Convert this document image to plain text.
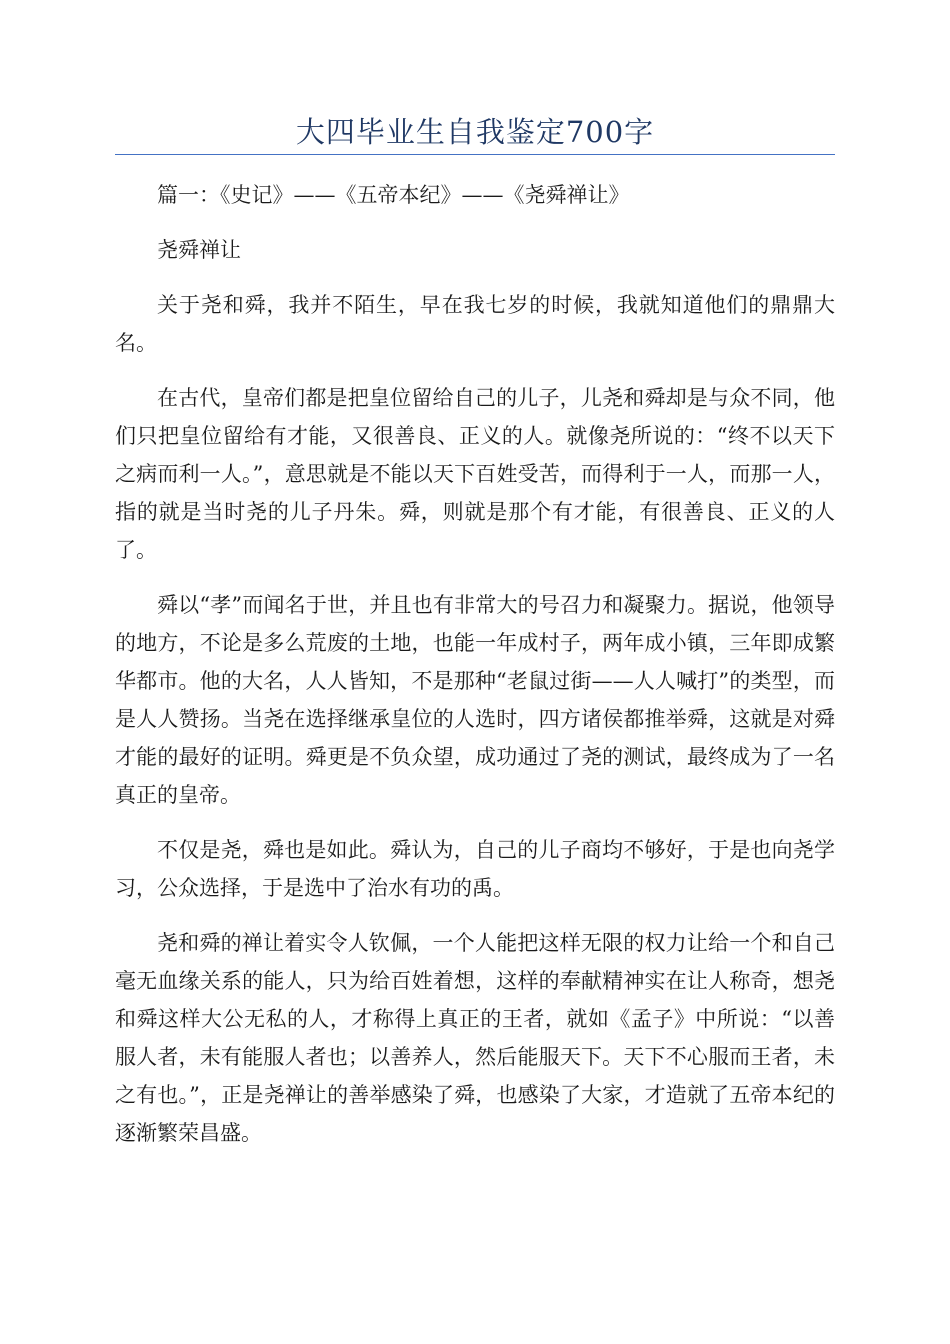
大四毕业生自我鉴定700字

篇一：《史记》——《五帝本纪》——《尧舜禅让》

尧舜禅让

关于尧和舜，我并不陌生，早在我七岁的时候，我就知道他们的鼎鼎大名。

在古代，皇帝们都是把皇位留给自己的儿子，儿尧和舜却是与众不同，他们只把皇位留给有才能，又很善良、正义的人。就像尧所说的：“终不以天下之病而利一人。”，意思就是不能以天下百姓受苦，而得利于一人，而那一人，指的就是当时尧的儿子丹朱。舜，则就是那个有才能，有很善良、正义的人了。

舜以“孝”而闻名于世，并且也有非常大的号召力和凝聚力。据说，他领导的地方，不论是多么荒废的土地，也能一年成村子，两年成小镇，三年即成繁华都市。他的大名，人人皆知，不是那种“老鼠过街——人人喊打”的类型，而是人人赞扬。当尧在选择继承皇位的人选时，四方诸侯都推举舜，这就是对舜才能的最好的证明。舜更是不负众望，成功通过了尧的测试，最终成为了一名真正的皇帝。

不仅是尧，舜也是如此。舜认为，自己的儿子商均不够好，于是也向尧学习，公众选择，于是选中了治水有功的禹。

尧和舜的禅让着实令人钦佩，一个人能把这样无限的权力让给一个和自己毫无血缘关系的能人，只为给百姓着想，这样的奉献精神实在让人称奇，想尧和舜这样大公无私的人，才称得上真正的王者，就如《孟子》中所说：“以善服人者，未有能服人者也；以善养人，然后能服天下。天下不心服而王者，未之有也。”，正是尧禅让的善举感染了舜，也感染了大家，才造就了五帝本纪的逐渐繁荣昌盛。
